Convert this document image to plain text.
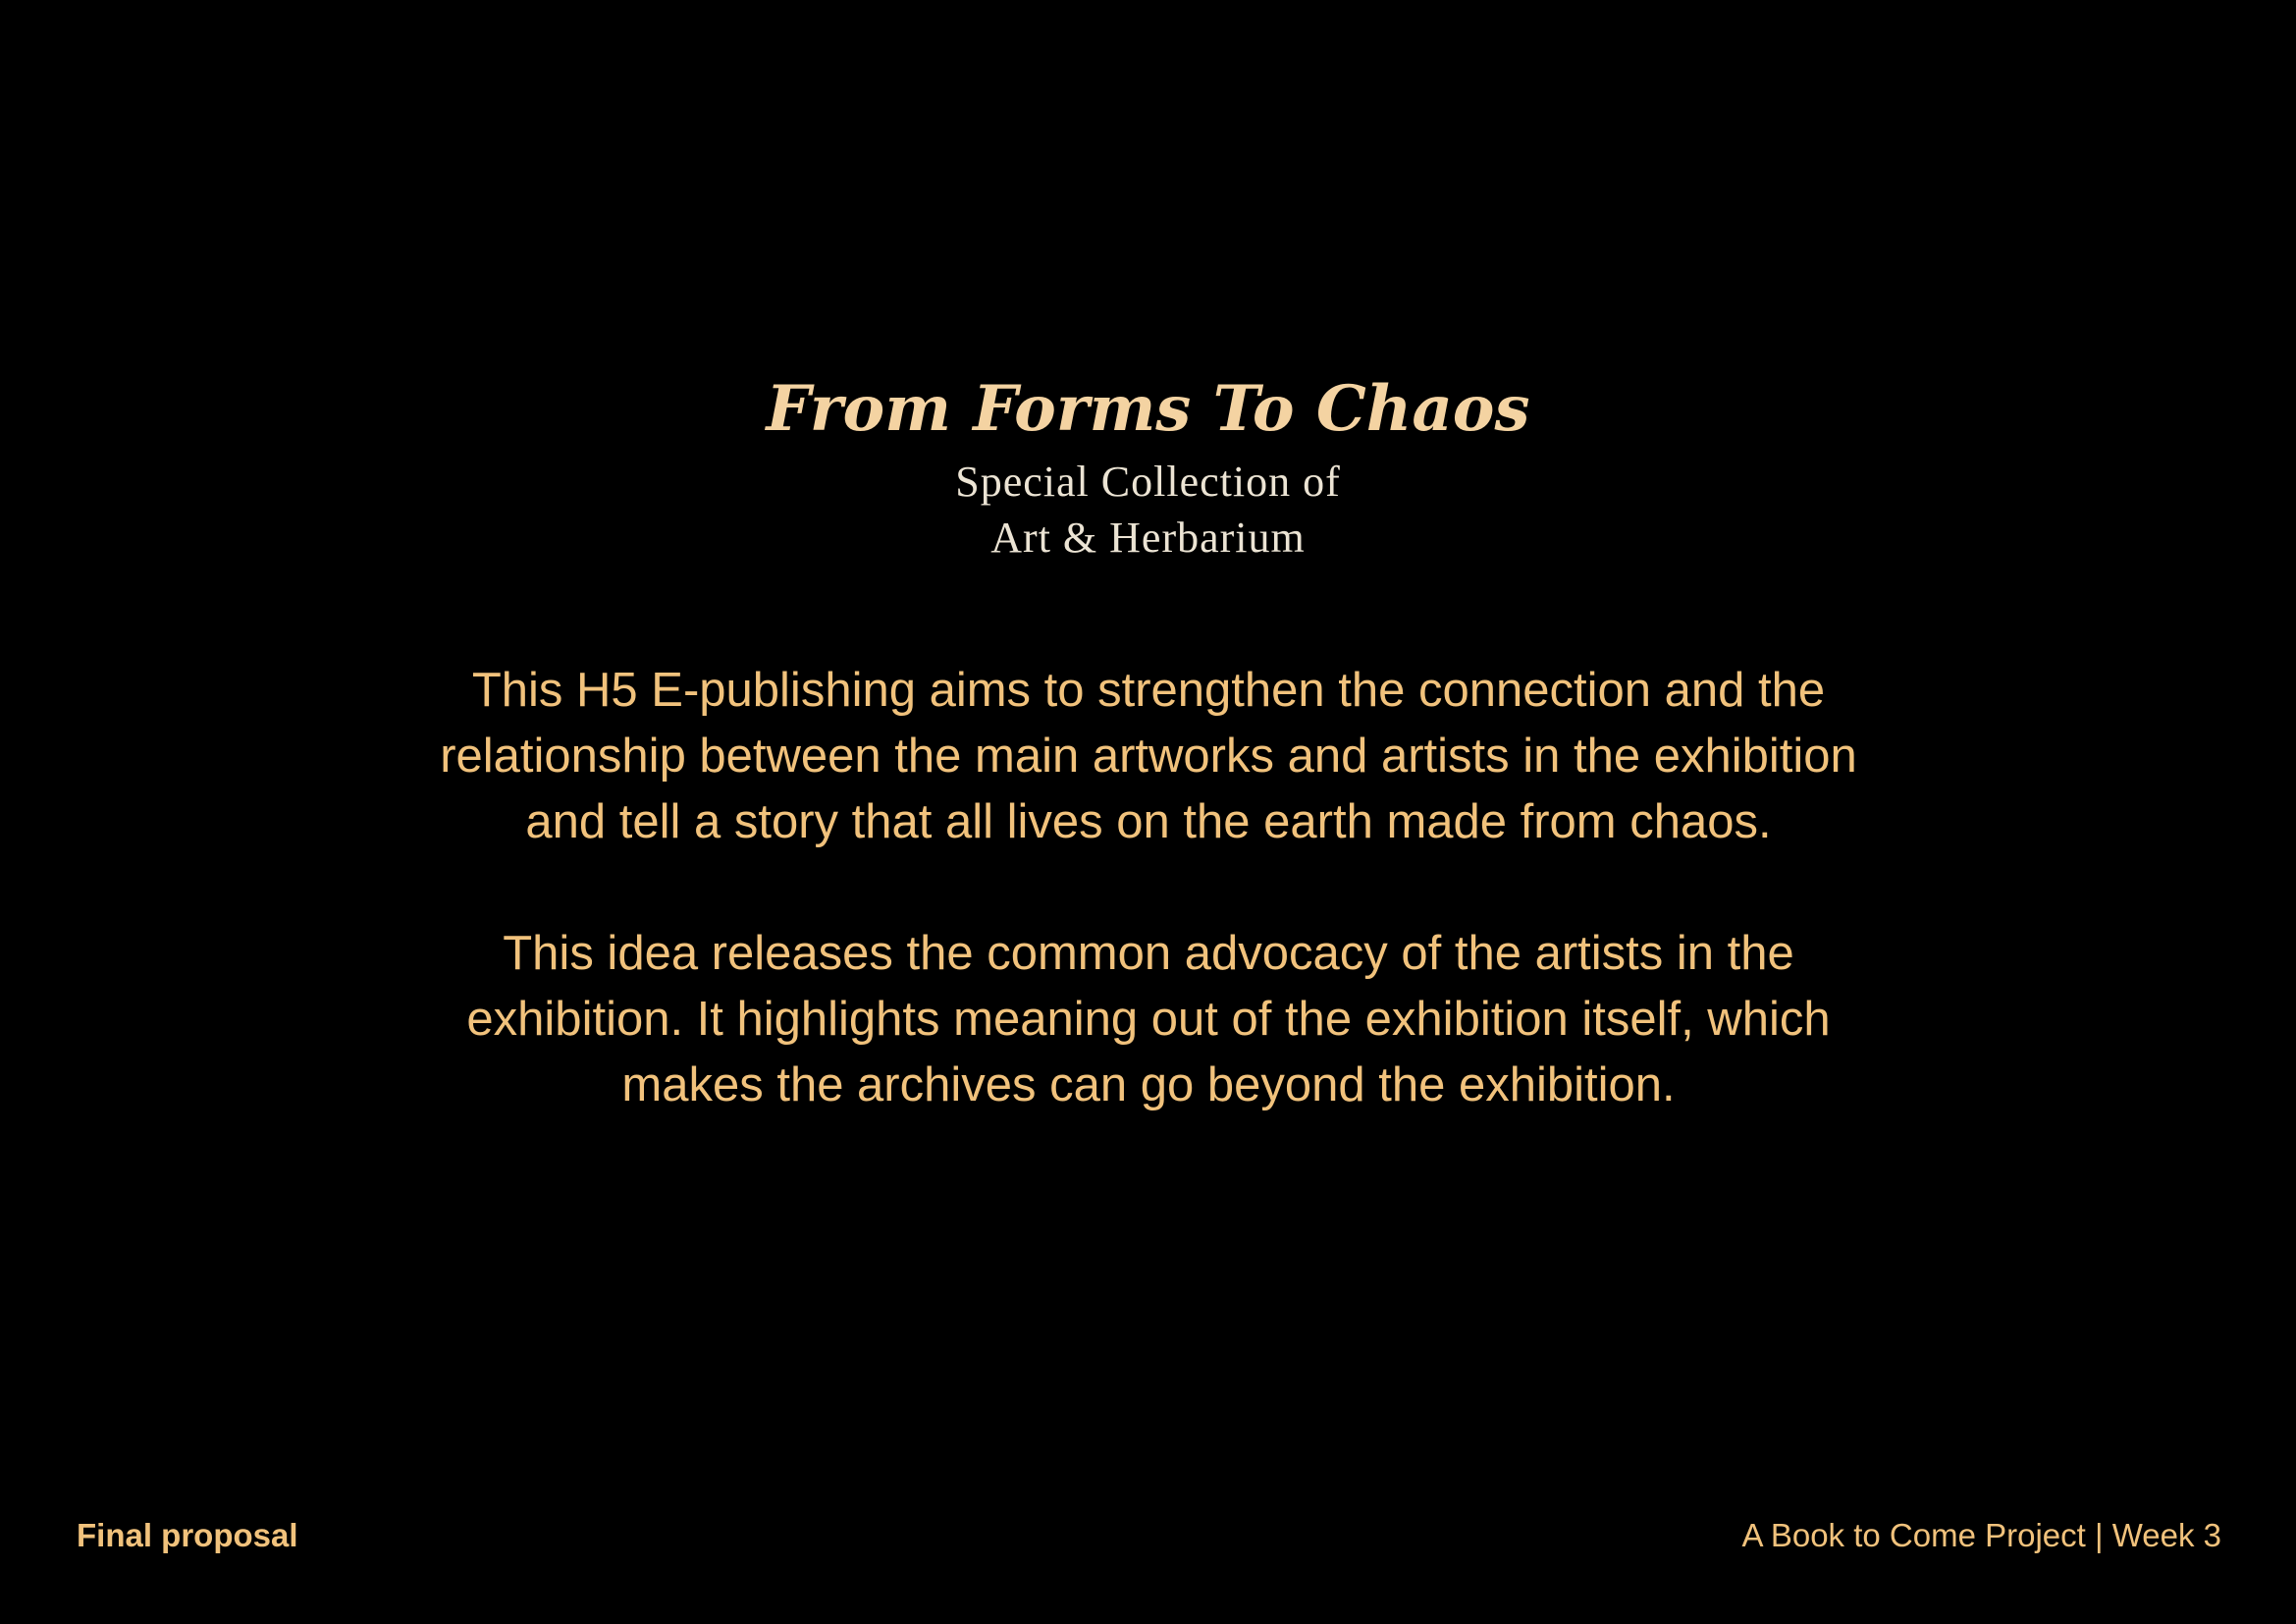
From Forms To Chaos
Special Collection of
Art & Herbarium

This H5 E-publishing aims to strengthen the connection and the relationship between the main artworks and artists in the exhibition and tell a story that all lives on the earth made from chaos.

This idea releases the common advocacy of the artists in the exhibition. It highlights meaning out of the exhibition itself, which makes the archives can go beyond the exhibition.

Final proposal	A Book to Come Project | Week 3
